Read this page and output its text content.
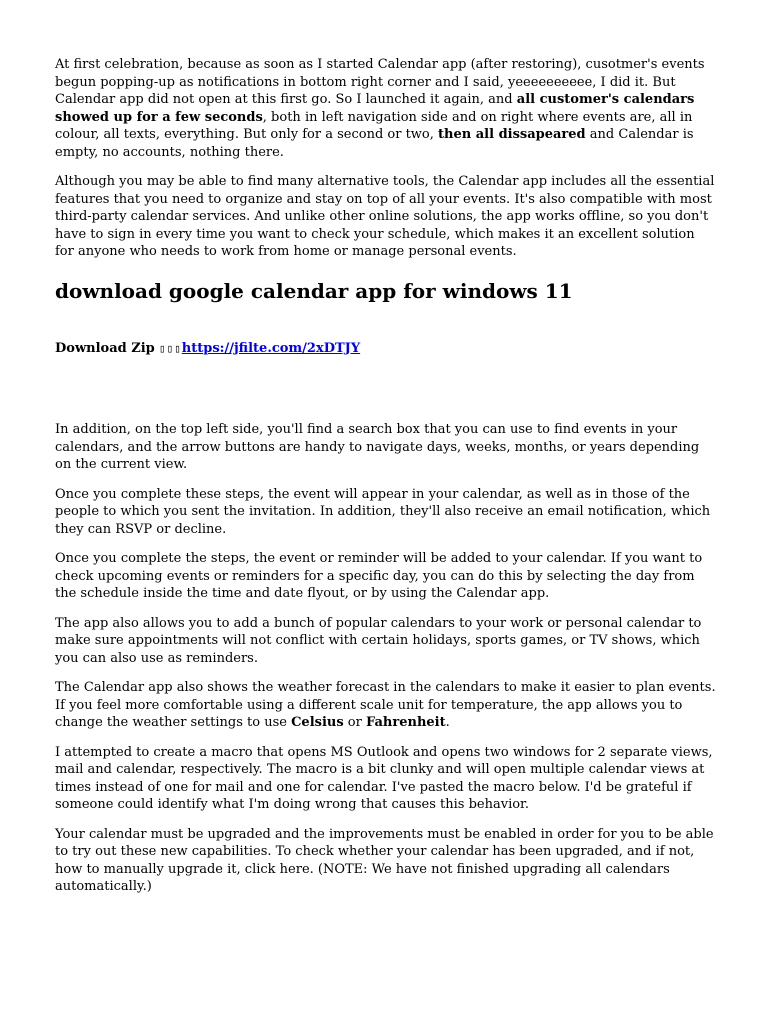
At first celebration, because as soon as I started Calendar app (after restoring), cusotmer's events begun popping-up as notifications in bottom right corner and I said, yeeeeeeeeee, I did it. But Calendar app did not open at this first go. So I launched it again, and all customer's calendars showed up for a few seconds, both in left navigation side and on right where events are, all in colour, all texts, everything. But only for a second or two, then all dissapeared and Calendar is empty, no accounts, nothing there.

Although you may be able to find many alternative tools, the Calendar app includes all the essential features that you need to organize and stay on top of all your events. It's also compatible with most third-party calendar services. And unlike other online solutions, the app works offline, so you don't have to sign in every time you want to check your schedule, which makes it an excellent solution for anyone who needs to work from home or manage personal events.

download google calendar app for windows 11
Download Zip ▯▯▯https://jfilte.com/2xDTJY

In addition, on the top left side, you'll find a search box that you can use to find events in your calendars, and the arrow buttons are handy to navigate days, weeks, months, or years depending on the current view.

Once you complete these steps, the event will appear in your calendar, as well as in those of the people to which you sent the invitation. In addition, they'll also receive an email notification, which they can RSVP or decline.

Once you complete the steps, the event or reminder will be added to your calendar. If you want to check upcoming events or reminders for a specific day, you can do this by selecting the day from the schedule inside the time and date flyout, or by using the Calendar app.

The app also allows you to add a bunch of popular calendars to your work or personal calendar to make sure appointments will not conflict with certain holidays, sports games, or TV shows, which you can also use as reminders.

The Calendar app also shows the weather forecast in the calendars to make it easier to plan events. If you feel more comfortable using a different scale unit for temperature, the app allows you to change the weather settings to use Celsius or Fahrenheit.

I attempted to create a macro that opens MS Outlook and opens two windows for 2 separate views, mail and calendar, respectively. The macro is a bit clunky and will open multiple calendar views at times instead of one for mail and one for calendar. I've pasted the macro below. I'd be grateful if someone could identify what I'm doing wrong that causes this behavior.

Your calendar must be upgraded and the improvements must be enabled in order for you to be able to try out these new capabilities. To check whether your calendar has been upgraded, and if not, how to manually upgrade it, click here. (NOTE: We have not finished upgrading all calendars automatically.)
